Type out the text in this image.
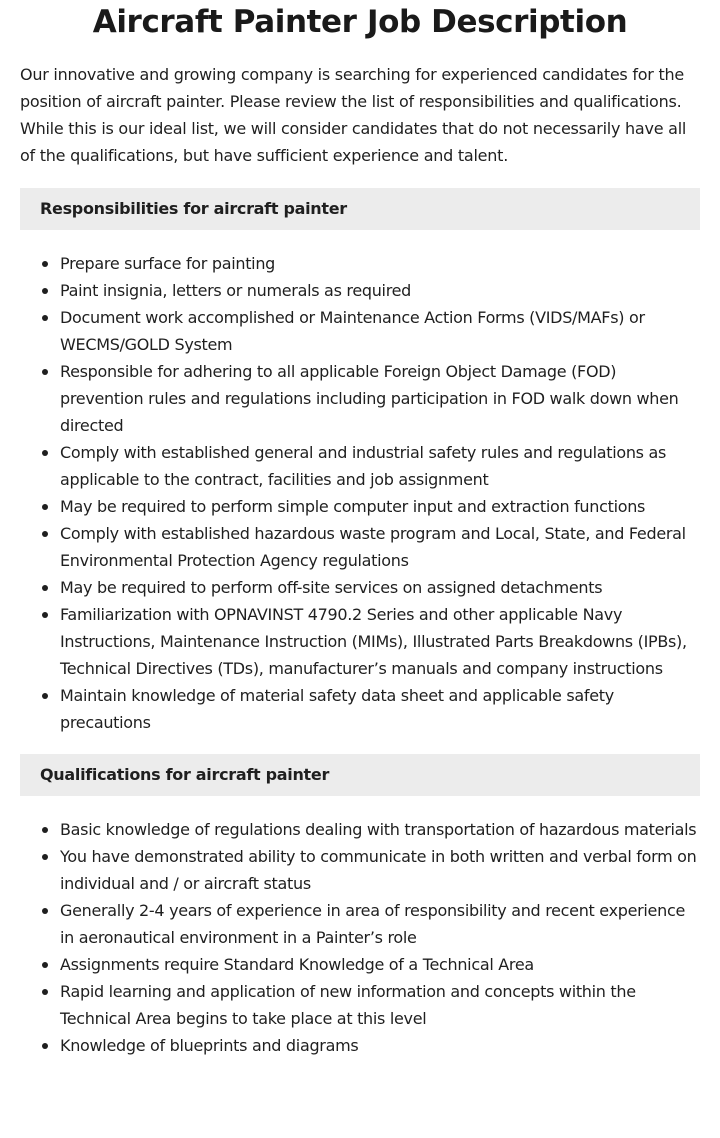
Aircraft Painter Job Description

Our innovative and growing company is searching for experienced candidates for the position of aircraft painter. Please review the list of responsibilities and qualifications. While this is our ideal list, we will consider candidates that do not necessarily have all of the qualifications, but have sufficient experience and talent.

Responsibilities for aircraft painter
Prepare surface for painting
Paint insignia, letters or numerals as required
Document work accomplished or Maintenance Action Forms (VIDS/MAFs) or WECMS/GOLD System
Responsible for adhering to all applicable Foreign Object Damage (FOD) prevention rules and regulations including participation in FOD walk down when directed
Comply with established general and industrial safety rules and regulations as applicable to the contract, facilities and job assignment
May be required to perform simple computer input and extraction functions
Comply with established hazardous waste program and Local, State, and Federal Environmental Protection Agency regulations
May be required to perform off-site services on assigned detachments
Familiarization with OPNAVINST 4790.2 Series and other applicable Navy Instructions, Maintenance Instruction (MIMs), Illustrated Parts Breakdowns (IPBs), Technical Directives (TDs), manufacturer’s manuals and company instructions
Maintain knowledge of material safety data sheet and applicable safety precautions
Qualifications for aircraft painter
Basic knowledge of regulations dealing with transportation of hazardous materials
You have demonstrated ability to communicate in both written and verbal form on individual and / or aircraft status
Generally 2-4 years of experience in area of responsibility and recent experience in aeronautical environment in a Painter’s role
Assignments require Standard Knowledge of a Technical Area
Rapid learning and application of new information and concepts within the Technical Area begins to take place at this level
Knowledge of blueprints and diagrams
